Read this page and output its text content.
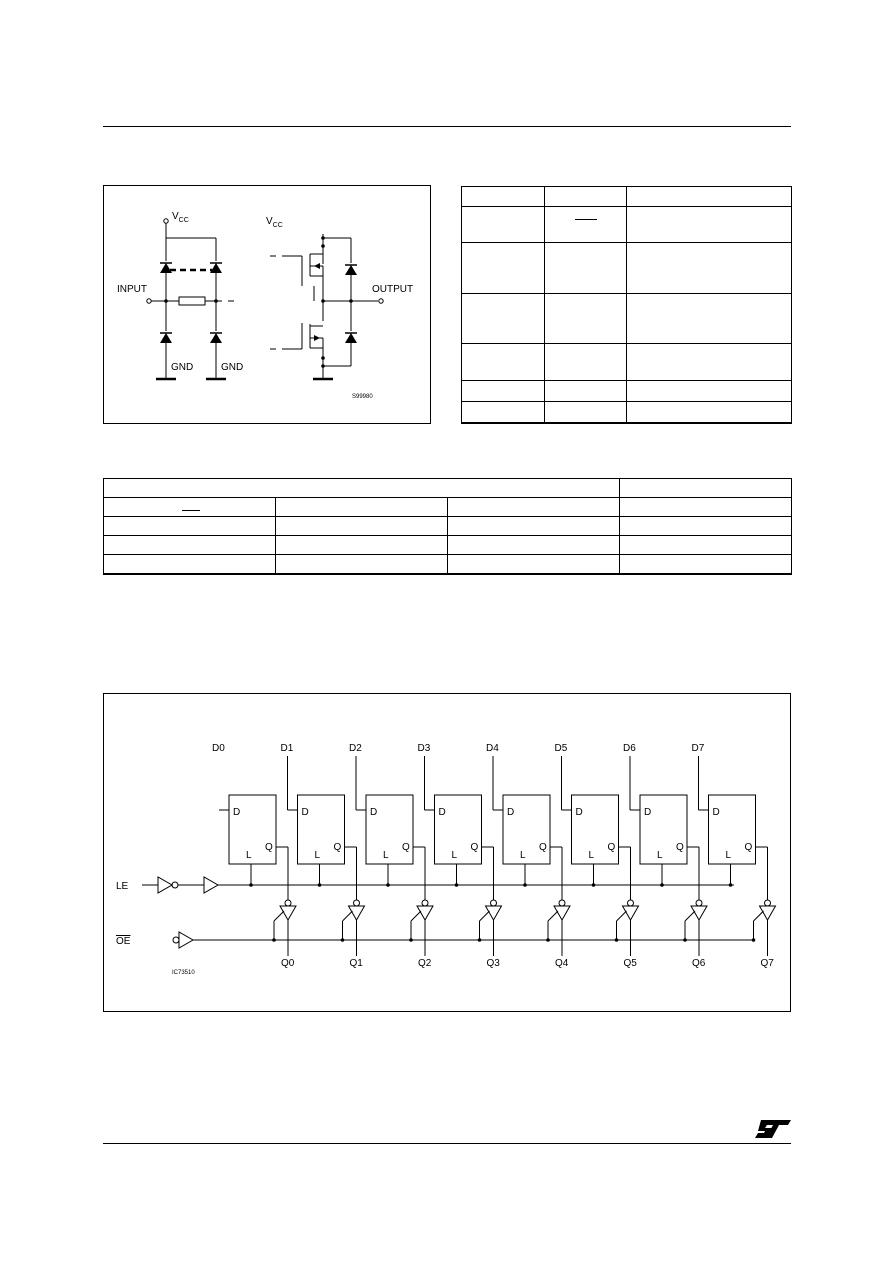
$V_{CC}$	$V_{CC}$
INPUT	OUTPUT
GND	GND
S99980

D0
D
Q
L
Q0
D1
D
Q
L
Q1
D2
D
Q
L
Q2
D3
D
Q
L
Q3
D4
D
Q
L
Q4
D5
D
Q
L
Q5
D6
D
Q
L
Q6
D7
D
Q
L
Q7
LE
OE
IC73510
